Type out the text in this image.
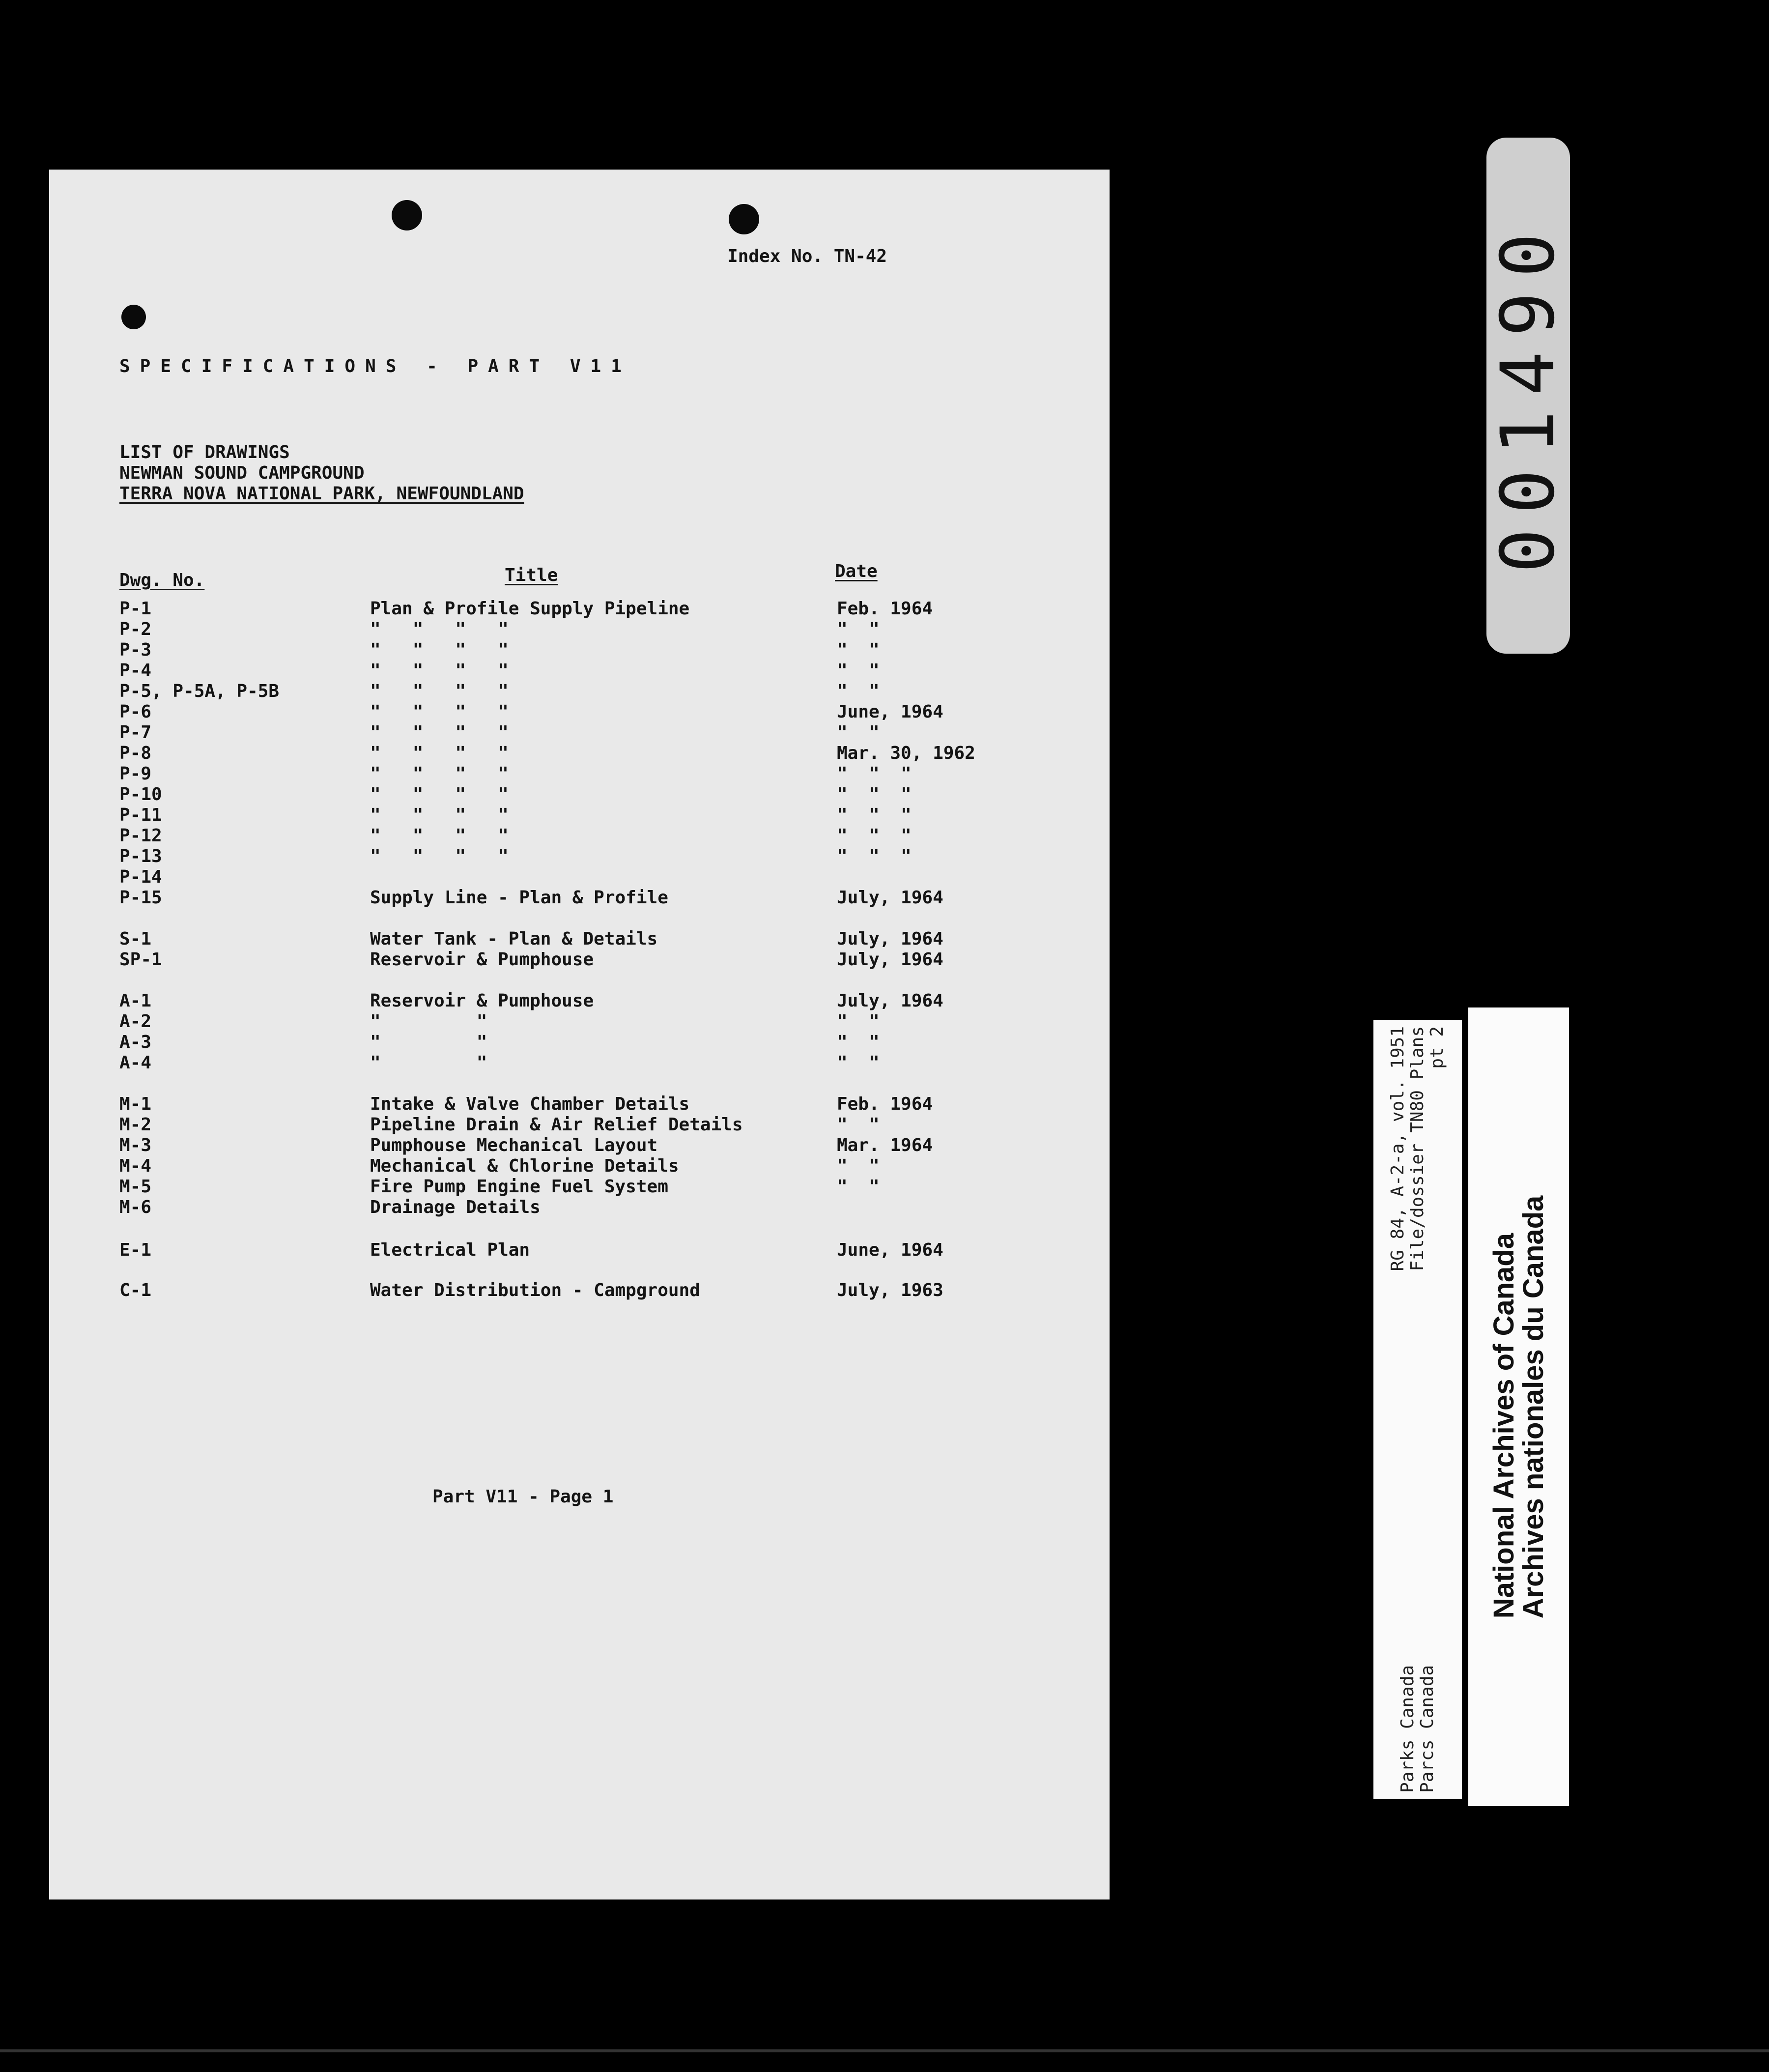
Index No. TN-42
SPECIFICATIONS - PART V11
LIST OF DRAWINGS
NEWMAN SOUND CAMPGROUND
TERRA NOVA NATIONAL PARK, NEWFOUNDLAND
Dwg. No.	Title	Date
P-1	Plan & Profile Supply Pipeline	Feb. 1964
P-2	"   "   "   "	"  "
P-3	"   "   "   "	"  "
P-4	"   "   "   "	"  "
P-5, P-5A, P-5B	"   "   "   "	"  "
P-6	"   "   "   "	June, 1964
P-7	"   "   "   "	"  "
P-8	"   "   "   "	Mar. 30, 1962
P-9	"   "   "   "	"  "  "
P-10	"   "   "   "	"  "  "
P-11	"   "   "   "	"  "  "
P-12	"   "   "   "	"  "  "
P-13	"   "   "   "	"  "  "
P-14
P-15	Supply Line - Plan & Profile	July, 1964
S-1	Water Tank - Plan & Details	July, 1964
SP-1	Reservoir & Pumphouse	July, 1964
A-1	Reservoir & Pumphouse	July, 1964
A-2	"         "	"  "
A-3	"         "	"  "
A-4	"         "	"  "
M-1	Intake & Valve Chamber Details	Feb. 1964
M-2	Pipeline Drain & Air Relief Details	"  "
M-3	Pumphouse Mechanical Layout	Mar. 1964
M-4	Mechanical & Chlorine Details	"  "
M-5	Fire Pump Engine Fuel System	"  "
M-6	Drainage Details
E-1	Electrical Plan	June, 1964
C-1	Water Distribution - Campground	July, 1963
Part V11 - Page 1
001490
Parks Canada Parcs Canada
RG 84, A-2-a, vol. 1951 File/dossier TN80 Plans pt 2
National Archives of Canada
Archives nationales du Canada
